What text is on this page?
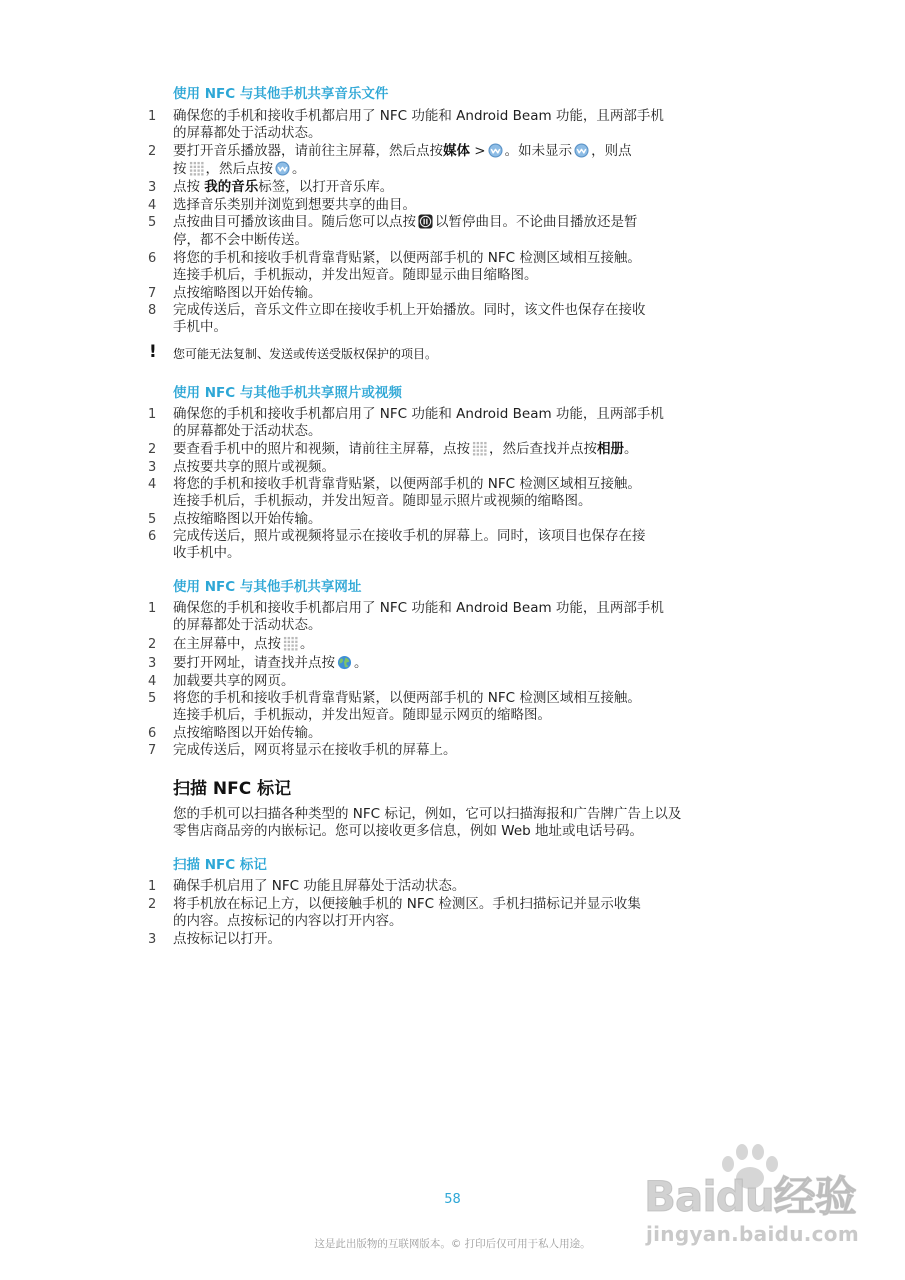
使用 NFC 与其他手机共享音乐文件
1	确保您的手机和接收手机都启用了 NFC 功能和 Android Beam 功能，且两部手机
的屏幕都处于活动状态。
2	要打开音乐播放器，请前往主屏幕，然后点按媒体 > 。如未显示 ，则点
按 ，然后点按 。
3	点按 我的音乐标签，以打开音乐库。
4	选择音乐类别并浏览到想要共享的曲目。
5	点按曲目可播放该曲目。随后您可以点按 以暂停曲目。不论曲目播放还是暂
停，都不会中断传送。
6	将您的手机和接收手机背靠背贴紧，以便两部手机的 NFC 检测区域相互接触。
连接手机后，手机振动，并发出短音。随即显示曲目缩略图。
7	点按缩略图以开始传输。
8	完成传送后，音乐文件立即在接收手机上开始播放。同时，该文件也保存在接收
手机中。
! 您可能无法复制、发送或传送受版权保护的项目。
使用 NFC 与其他手机共享照片或视频
1	确保您的手机和接收手机都启用了 NFC 功能和 Android Beam 功能，且两部手机
的屏幕都处于活动状态。
2	要查看手机中的照片和视频，请前往主屏幕，点按 ，然后查找并点按相册。
3	点按要共享的照片或视频。
4	将您的手机和接收手机背靠背贴紧，以便两部手机的 NFC 检测区域相互接触。
连接手机后，手机振动，并发出短音。随即显示照片或视频的缩略图。
5	点按缩略图以开始传输。
6	完成传送后，照片或视频将显示在接收手机的屏幕上。同时，该项目也保存在接
收手机中。
使用 NFC 与其他手机共享网址
1	确保您的手机和接收手机都启用了 NFC 功能和 Android Beam 功能，且两部手机
的屏幕都处于活动状态。
2	在主屏幕中，点按 。
3	要打开网址，请查找并点按 。
4	加载要共享的网页。
5	将您的手机和接收手机背靠背贴紧，以便两部手机的 NFC 检测区域相互接触。
连接手机后，手机振动，并发出短音。随即显示网页的缩略图。
6	点按缩略图以开始传输。
7	完成传送后，网页将显示在接收手机的屏幕上。
扫描 NFC 标记
您的手机可以扫描各种类型的 NFC 标记，例如，它可以扫描海报和广告牌广告上以及
零售店商品旁的内嵌标记。您可以接收更多信息，例如 Web 地址或电话号码。
扫描 NFC 标记
1	确保手机启用了 NFC 功能且屏幕处于活动状态。
2	将手机放在标记上方，以便接触手机的 NFC 检测区。手机扫描标记并显示收集
的内容。点按标记的内容以打开内容。
3	点按标记以打开。
58
这是此出版物的互联网版本。© 打印后仅可用于私人用途。
Baidu经验
jingyan.baidu.com
